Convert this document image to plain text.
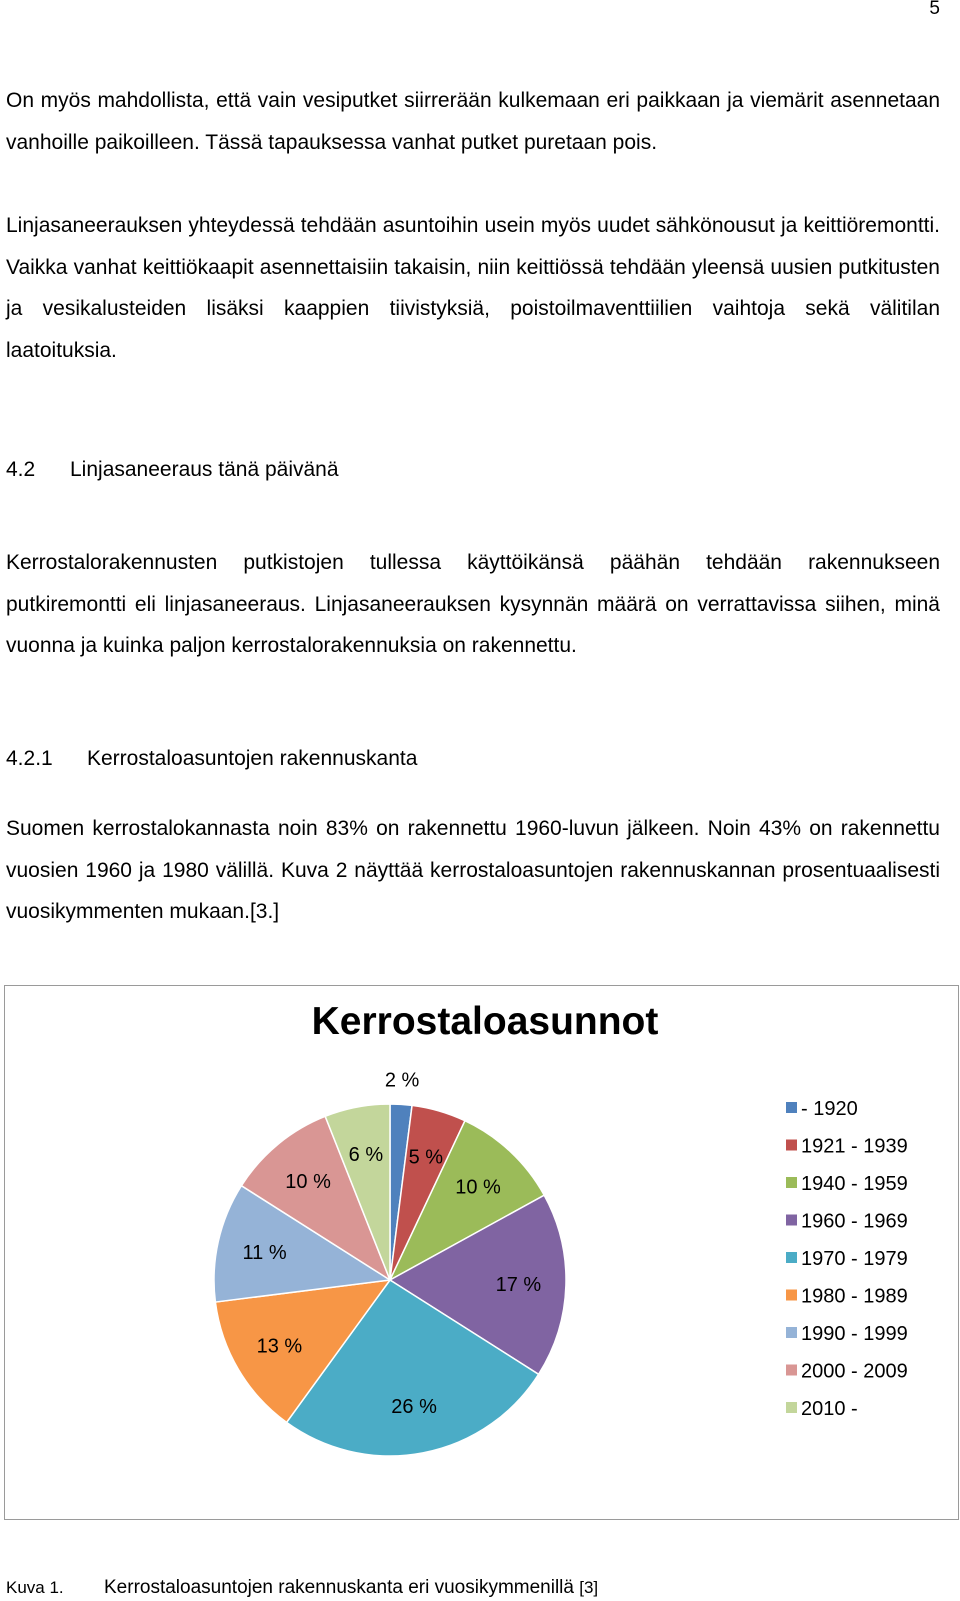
5

On myös mahdollista, että vain vesiputket siirrerään kulkemaan eri paikkaan ja viemärit asennetaan vanhoille paikoilleen. Tässä tapauksessa vanhat putket puretaan pois.

Linjasaneerauksen yhteydessä tehdään asuntoihin usein myös uudet sähkönousut ja keittiöremontti. Vaikka vanhat keittiökaapit asennettaisiin takaisin, niin keittiössä tehdään yleensä uusien putkitusten ja vesikalusteiden lisäksi kaappien tiivistyksiä, poistoilmaventtiilien vaihtoja sekä välitilan laatoituksia.

4.2 Linjasaneeraus tänä päivänä

Kerrostalorakennusten putkistojen tullessa käyttöikänsä päähän tehdään rakennukseen putkiremontti eli linjasaneeraus. Linjasaneerauksen kysynnän määrä on verrattavissa siihen, minä vuonna ja kuinka paljon kerrostalorakennuksia on rakennettu.

4.2.1 Kerrostaloasuntojen rakennuskanta

Suomen kerrostalokannasta noin 83% on rakennettu 1960-luvun jälkeen. Noin 43% on rakennettu vuosien 1960 ja 1980 välillä. Kuva 2 näyttää kerrostaloasuntojen rakennuskannan prosentuaalisesti vuosikymmenten mukaan.[3.]

Kerrostaloasunnot
2 %
5 %
10 %
17 %
26 %
13 %
11 %
10 %
6 %
- 1920
1921 - 1939
1940 - 1959
1960 - 1969
1970 - 1979
1980 - 1989
1990 - 1999
2000 - 2009
2010 -
Kuva 1. Kerrostaloasuntojen rakennuskanta eri vuosikymmenillä [3]
